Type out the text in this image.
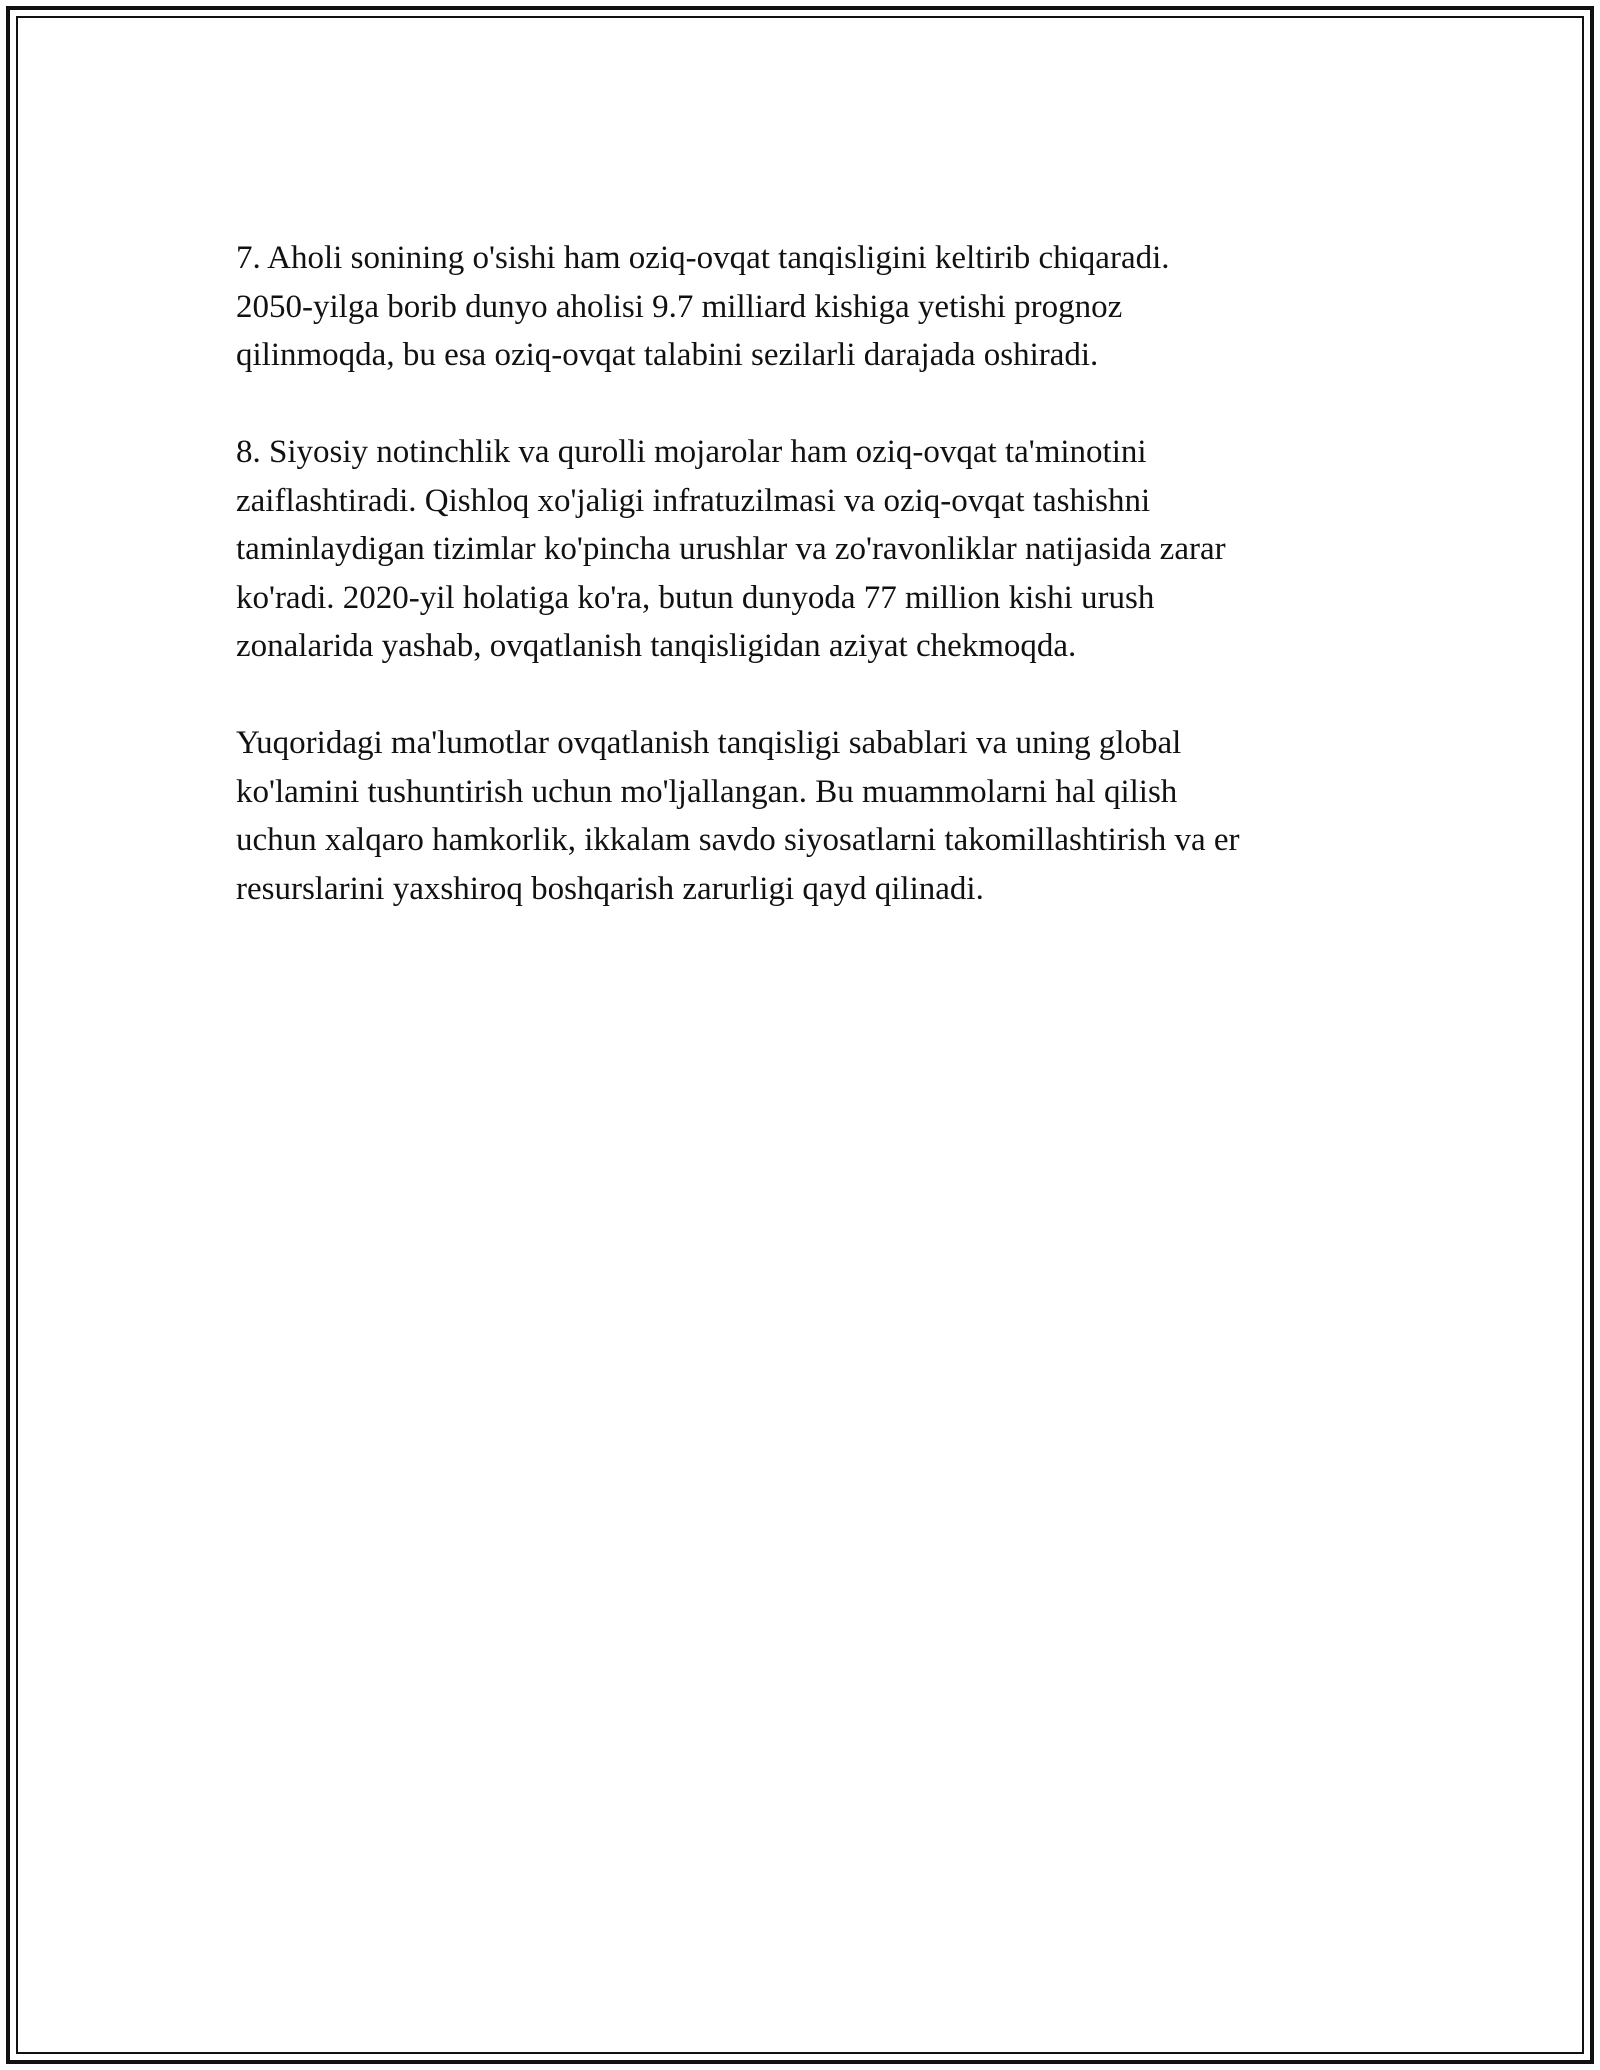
7. Aholi sonining o'sishi ham oziq-ovqat tanqisligini keltirib chiqaradi.
2050-yilga borib dunyo aholisi 9.7 milliard kishiga yetishi prognoz
qilinmoqda, bu esa oziq-ovqat talabini sezilarli darajada oshiradi.

8. Siyosiy notinchlik va qurolli mojarolar ham oziq-ovqat ta'minotini
zaiflashtiradi. Qishloq xo'jaligi infratuzilmasi va oziq-ovqat tashishni
taminlaydigan tizimlar ko'pincha urushlar va zo'ravonliklar natijasida zarar
ko'radi. 2020-yil holatiga ko'ra, butun dunyoda 77 million kishi urush
zonalarida yashab, ovqatlanish tanqisligidan aziyat chekmoqda.

Yuqoridagi ma'lumotlar ovqatlanish tanqisligi sabablari va uning global
ko'lamini tushuntirish uchun mo'ljallangan. Bu muammolarni hal qilish
uchun xalqaro hamkorlik, ikkalam savdo siyosatlarni takomillashtirish va er
resurslarini yaxshiroq boshqarish zarurligi qayd qilinadi.
